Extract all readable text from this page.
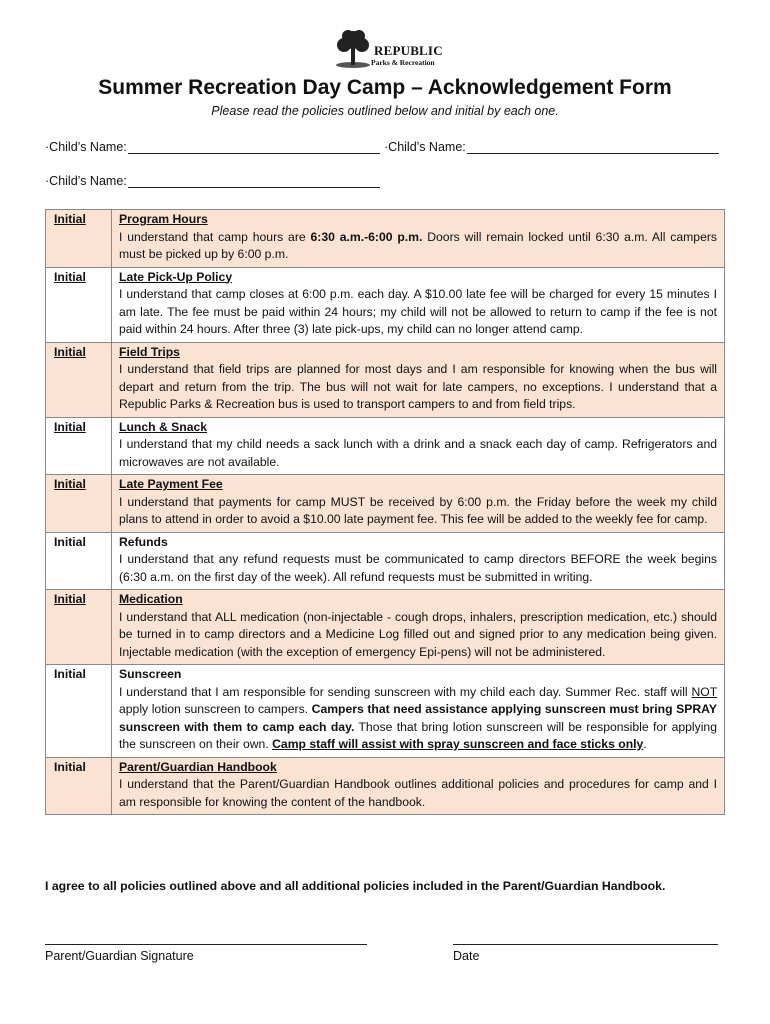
REPUBLIC
Parks & Recreation
Summer Recreation Day Camp – Acknowledgement Form
Please read the policies outlined below and initial by each one.
·Child’s Name:	·Child’s Name:
·Child’s Name:
Initial	Program Hours
I understand that camp hours are 6:30 a.m.-6:00 p.m. Doors will remain locked until 6:30 a.m. All campers must be picked up by 6:00 p.m.

Initial	Late Pick-Up Policy
I understand that camp closes at 6:00 p.m. each day. A $10.00 late fee will be charged for every 15 minutes I am late. The fee must be paid within 24 hours; my child will not be allowed to return to camp if the fee is not paid within 24 hours. After three (3) late pick-ups, my child can no longer attend camp.

Initial	Field Trips
I understand that field trips are planned for most days and I am responsible for knowing when the bus will depart and return from the trip. The bus will not wait for late campers, no exceptions. I understand that a Republic Parks & Recreation bus is used to transport campers to and from field trips.

Initial	Lunch & Snack
I understand that my child needs a sack lunch with a drink and a snack each day of camp. Refrigerators and microwaves are not available.

Initial	Late Payment Fee
I understand that payments for camp MUST be received by 6:00 p.m. the Friday before the week my child plans to attend in order to avoid a $10.00 late payment fee. This fee will be added to the weekly fee for camp.

Initial	Refunds
I understand that any refund requests must be communicated to camp directors BEFORE the week begins (6:30 a.m. on the first day of the week). All refund requests must be submitted in writing.

Initial	Medication
I understand that ALL medication (non-injectable - cough drops, inhalers, prescription medication, etc.) should be turned in to camp directors and a Medicine Log filled out and signed prior to any medication being given. Injectable medication (with the exception of emergency Epi-pens) will not be administered.

Initial	Sunscreen
I understand that I am responsible for sending sunscreen with my child each day. Summer Rec. staff will NOT apply lotion sunscreen to campers. Campers that need assistance applying sunscreen must bring SPRAY sunscreen with them to camp each day. Those that bring lotion sunscreen will be responsible for applying the sunscreen on their own. Camp staff will assist with spray sunscreen and face sticks only.

Initial	Parent/Guardian Handbook
I understand that the Parent/Guardian Handbook outlines additional policies and procedures for camp and I am responsible for knowing the content of the handbook.
I agree to all policies outlined above and all additional policies included in the Parent/Guardian Handbook.
Parent/Guardian Signature	Date
